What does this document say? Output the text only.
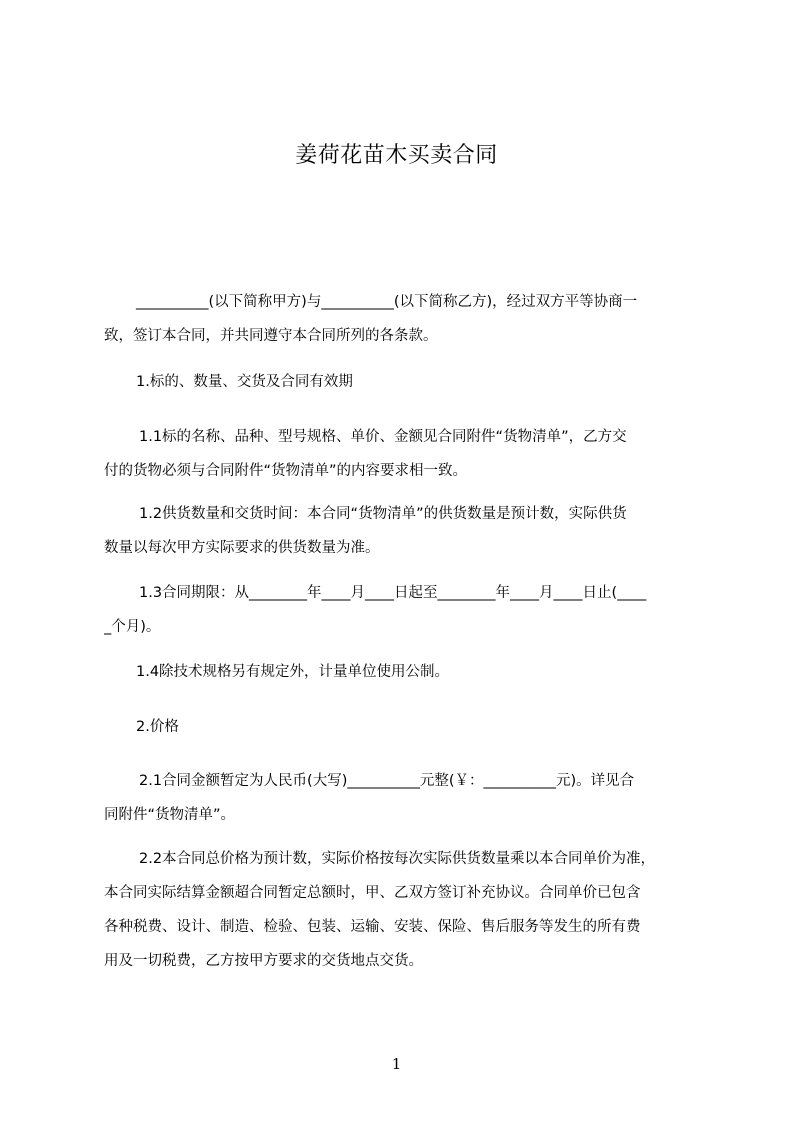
姜荷花苗木买卖合同
__________(以下简称甲方)与__________(以下简称乙方)，经过双方平等协商一
致，签订本合同，并共同遵守本合同所列的各条款。
1.标的、数量、交货及合同有效期
1.1标的名称、品种、型号规格、单价、金额见合同附件“货物清单”，乙方交
付的货物必须与合同附件“货物清单”的内容要求相一致。
1.2供货数量和交货时间：本合同“货物清单”的供货数量是预计数，实际供货
数量以每次甲方实际要求的供货数量为准。
1.3合同期限：从________年____月____日起至________年____月____日止(____
_个月)。
1.4除技术规格另有规定外，计量单位使用公制。
2.价格
2.1合同金额暂定为人民币(大写)__________元整(￥：__________元)。详见合
同附件“货物清单”。
2.2本合同总价格为预计数，实际价格按每次实际供货数量乘以本合同单价为准，
本合同实际结算金额超合同暂定总额时，甲、乙双方签订补充协议。合同单价已包含
各种税费、设计、制造、检验、包装、运输、安装、保险、售后服务等发生的所有费
用及一切税费，乙方按甲方要求的交货地点交货。
1
